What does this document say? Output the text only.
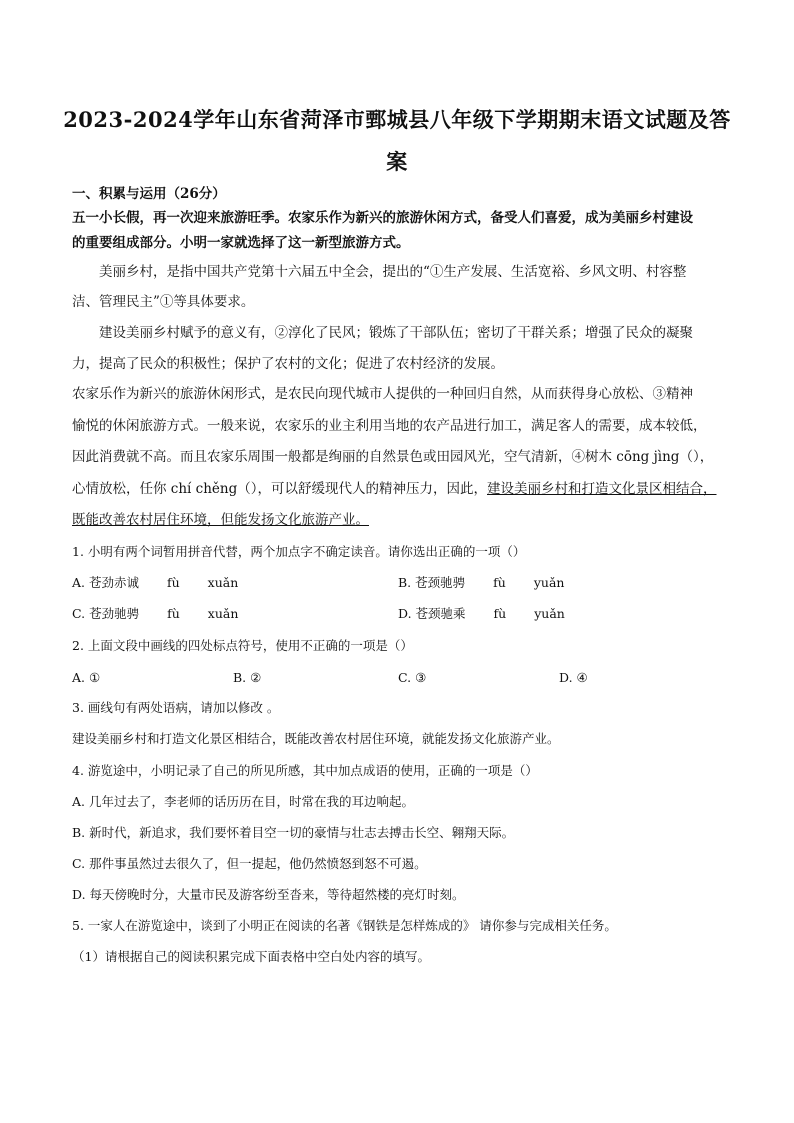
2023-2024学年山东省菏泽市鄄城县八年级下学期期末语文试题及答
案
一、积累与运用（26分）
五一小长假，再一次迎来旅游旺季。农家乐作为新兴的旅游休闲方式，备受人们喜爱，成为美丽乡村建设
的重要组成部分。小明一家就选择了这一新型旅游方式。
美丽乡村，是指中国共产党第十六届五中全会，提出的“①生产发展、生活宽裕、乡风文明、村容整
洁、管理民主”①等具体要求。
建设美丽乡村赋予的意义有，②淳化了民风；锻炼了干部队伍；密切了干群关系；增强了民众的凝聚
力，提高了民众的积极性；保护了农村的文化；促进了农村经济的发展。
农家乐作为新兴的旅游休闲形式，是农民向现代城市人提供的一种回归自然，从而获得身心放松、③精神
愉悦的休闲旅游方式。一般来说，农家乐的业主利用当地的农产品进行加工，满足客人的需要，成本较低，
因此消费就不高。而且农家乐周围一般都是绚丽的自然景色或田园风光，空气清新，④树木 cōng jìng（），
心情放松，任你 chí chěng（），可以舒缓现代人的精神压力，因此，建设美丽乡村和打造文化景区相结合，
既能改善农村居住环境，但能发扬文化旅游产业。
1. 小明有两个词暂用拼音代替，两个加点字不确定读音。请你选出正确的一项（）
A. 苍劲赤诚 fù xuǎn	B. 苍颈驰骋 fù yuǎn
C. 苍劲驰骋 fù xuǎn	D. 苍颈驰乘 fù yuǎn
2. 上面文段中画线的四处标点符号，使用不正确的一项是（）
A. ①	B. ②	C. ③	D. ④
3. 画线句有两处语病，请加以修改 。
建设美丽乡村和打造文化景区相结合，既能改善农村居住环境，就能发扬文化旅游产业。
4. 游览途中，小明记录了自己的所见所感，其中加点成语的使用，正确的一项是（）
A. 几年过去了，李老师的话历历在目，时常在我的耳边响起。
B. 新时代，新追求，我们要怀着目空一切的豪情与壮志去搏击长空、翱翔天际。
C. 那件事虽然过去很久了，但一提起，他仍然愤怒到怒不可遏。
D. 每天傍晚时分，大量市民及游客纷至沓来，等待超然楼的亮灯时刻。
5. 一家人在游览途中，谈到了小明正在阅读的名著《钢铁是怎样炼成的》 请你参与完成相关任务。
（1）请根据自己的阅读积累完成下面表格中空白处内容的填写。
